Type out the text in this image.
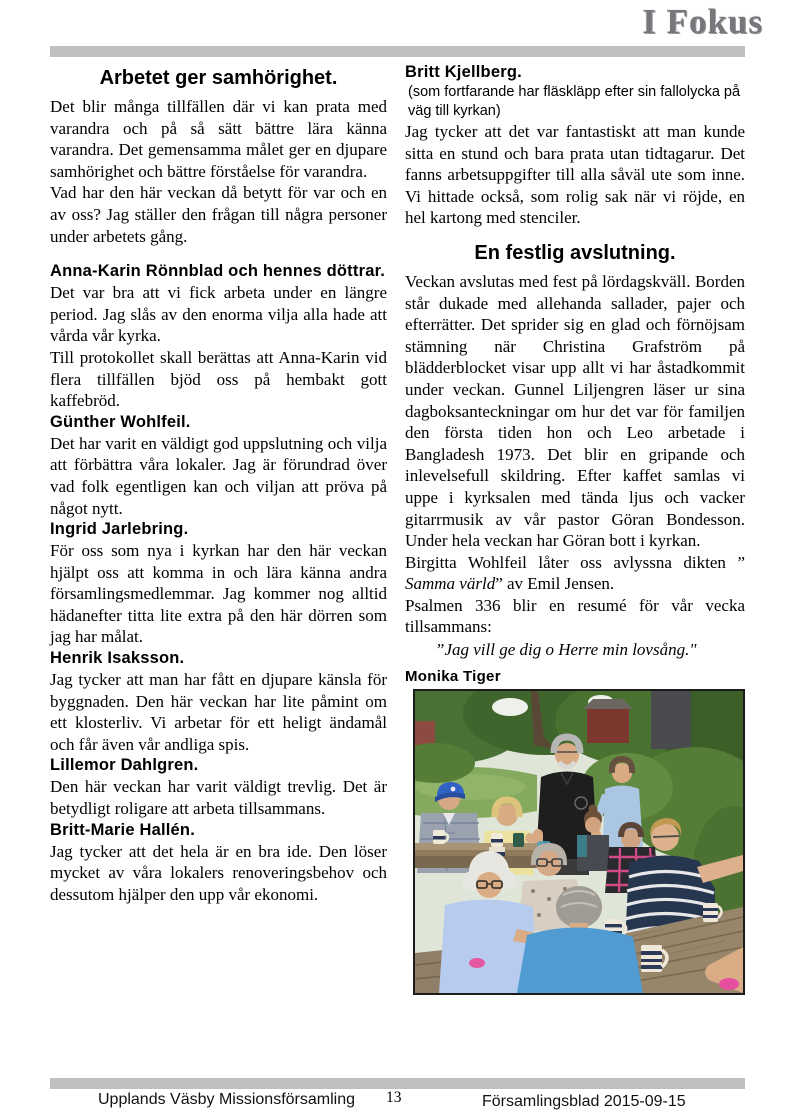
I Fokus
Arbetet ger samhörighet.

Det blir många tillfällen där vi kan prata med varandra och på så sätt bättre lära känna varandra. Det gemensamma målet ger en djupare samhörighet och bättre förståelse för varandra.

Vad har den här veckan då betytt för var och en av oss? Jag ställer den frågan till några personer under arbetets gång.

Anna-Karin Rönnblad och hennes döttrar.

Det var bra att vi fick arbeta under en längre period. Jag slås av den enorma vilja alla hade att vårda vår kyrka.

Till protokollet skall berättas att Anna-Karin vid flera tillfällen bjöd oss på hembakt gott kaffebröd.

Günther Wohlfeil.

Det har varit en väldigt god uppslutning och vilja att förbättra våra lokaler. Jag är förundrad över vad folk egentligen kan och viljan att pröva på något nytt.

Ingrid Jarlebring.

För oss som nya i kyrkan har den här veckan hjälpt oss att komma in och lära känna andra församlingsmedlemmar. Jag kommer nog alltid hädanefter titta lite extra på den här dörren som jag har målat.

Henrik Isaksson.

Jag tycker att man har fått en djupare känsla för byggnaden. Den här veckan har lite påmint om ett klosterliv. Vi arbetar för ett heligt ändamål och får även vår andliga spis.

Lillemor Dahlgren.

Den här veckan har varit väldigt trevlig. Det är betydligt roligare att arbeta tillsammans.

Britt-Marie Hallén.

Jag tycker att det hela är en bra ide. Den löser mycket av våra lokalers renoveringsbehov och dessutom hjälper den upp vår ekonomi.

Britt Kjellberg.

(som fortfarande har fläskläpp efter sin fallolycka på väg till kyrkan)

Jag tycker att det var fantastiskt att man kunde sitta en stund och bara prata utan tidtagarur. Det fanns arbetsuppgifter till alla såväl ute som inne. Vi hittade också, som rolig sak när vi röjde, en hel kartong med stenciler.

En festlig avslutning.

Veckan avslutas med fest på lördagskväll. Borden står dukade med allehanda sallader, pajer och efterrätter. Det sprider sig en glad och förnöjsam stämning när Christina Grafström på blädderblocket visar upp allt vi har åstadkommit under veckan. Gunnel Liljengren läser ur sina dagboksanteckningar om hur det var för familjen den första tiden hon och Leo arbetade i Bangladesh 1973. Det blir en gripande och inlevelsefull skildring. Efter kaffet samlas vi uppe i kyrksalen med tända ljus och vacker gitarrmusik av vår pastor Göran Bondesson. Under hela veckan har Göran bott i kyrkan.

Birgitta Wohlfeil låter oss avlyssna dikten ” Samma värld” av Emil Jensen.

Psalmen 336 blir en resumé för vår vecka tillsammans:

”Jag vill ge dig o Herre min lovsång."

Monika Tiger

Upplands Väsby Missionsförsamling 13	Församlingsblad 2015-09-15
